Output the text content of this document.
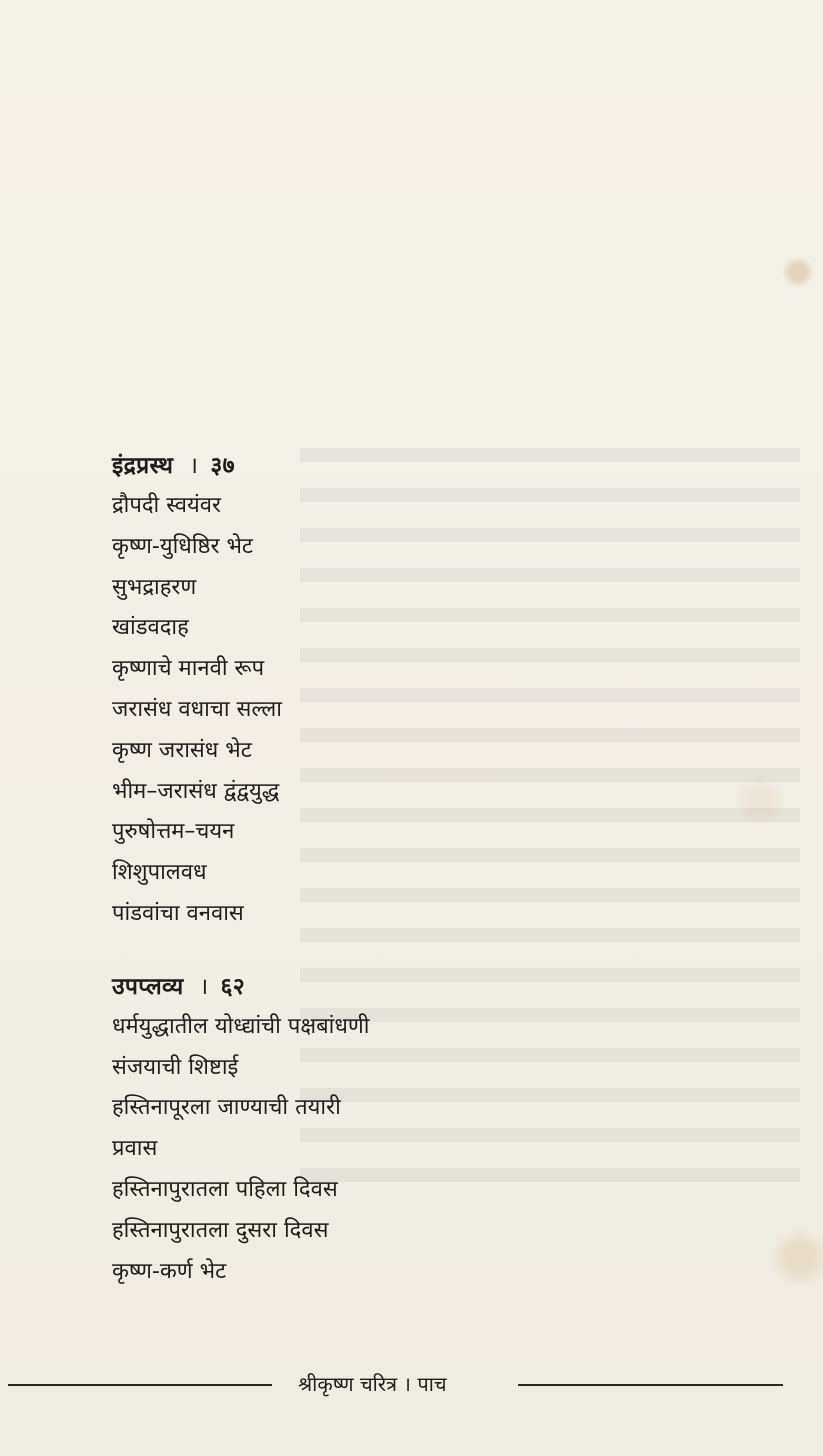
इंद्रप्रस्थ । ३७
द्रौपदी स्वयंवर
कृष्ण-युधिष्ठिर भेट
सुभद्राहरण
खांडवदाह
कृष्णाचे मानवी रूप
जरासंध वधाचा सल्ला
कृष्ण जरासंध भेट
भीम–जरासंध द्वंद्वयुद्ध
पुरुषोत्तम–चयन
शिशुपालवध
पांडवांचा वनवास
उपप्लव्य । ६२
धर्मयुद्धातील योध्द्यांची पक्षबांधणी
संजयाची शिष्टाई
हस्तिनापूरला जाण्याची तयारी
प्रवास
हस्तिनापुरातला पहिला दिवस
हस्तिनापुरातला दुसरा दिवस
कृष्ण-कर्ण भेट
श्रीकृष्ण चरित्र । पाच
